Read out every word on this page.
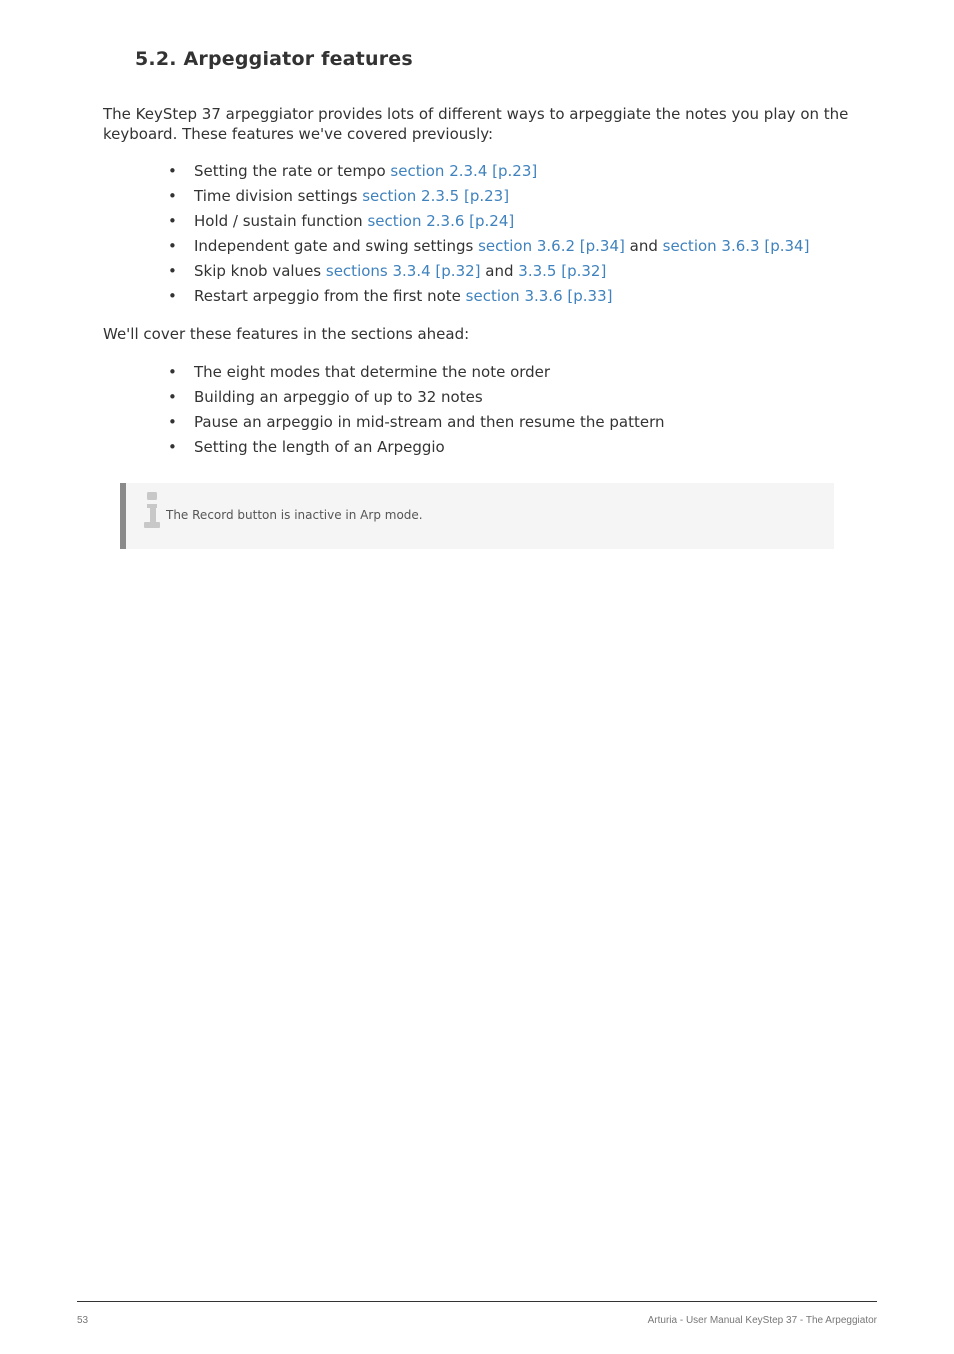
5.2. Arpeggiator features

The KeyStep 37 arpeggiator provides lots of different ways to arpeggiate the notes you play on the keyboard. These features we've covered previously:

• Setting the rate or tempo section 2.3.4 [p.23]
• Time division settings section 2.3.5 [p.23]
• Hold / sustain function section 2.3.6 [p.24]
• Independent gate and swing settings section 3.6.2 [p.34] and section 3.6.3 [p.34]
• Skip knob values sections 3.3.4 [p.32] and 3.3.5 [p.32]
• Restart arpeggio from the first note section 3.3.6 [p.33]

We'll cover these features in the sections ahead:

• The eight modes that determine the note order
• Building an arpeggio of up to 32 notes
• Pause an arpeggio in mid-stream and then resume the pattern
• Setting the length of an Arpeggio
The Record button is inactive in Arp mode.
53	Arturia - User Manual KeyStep 37 - The Arpeggiator
